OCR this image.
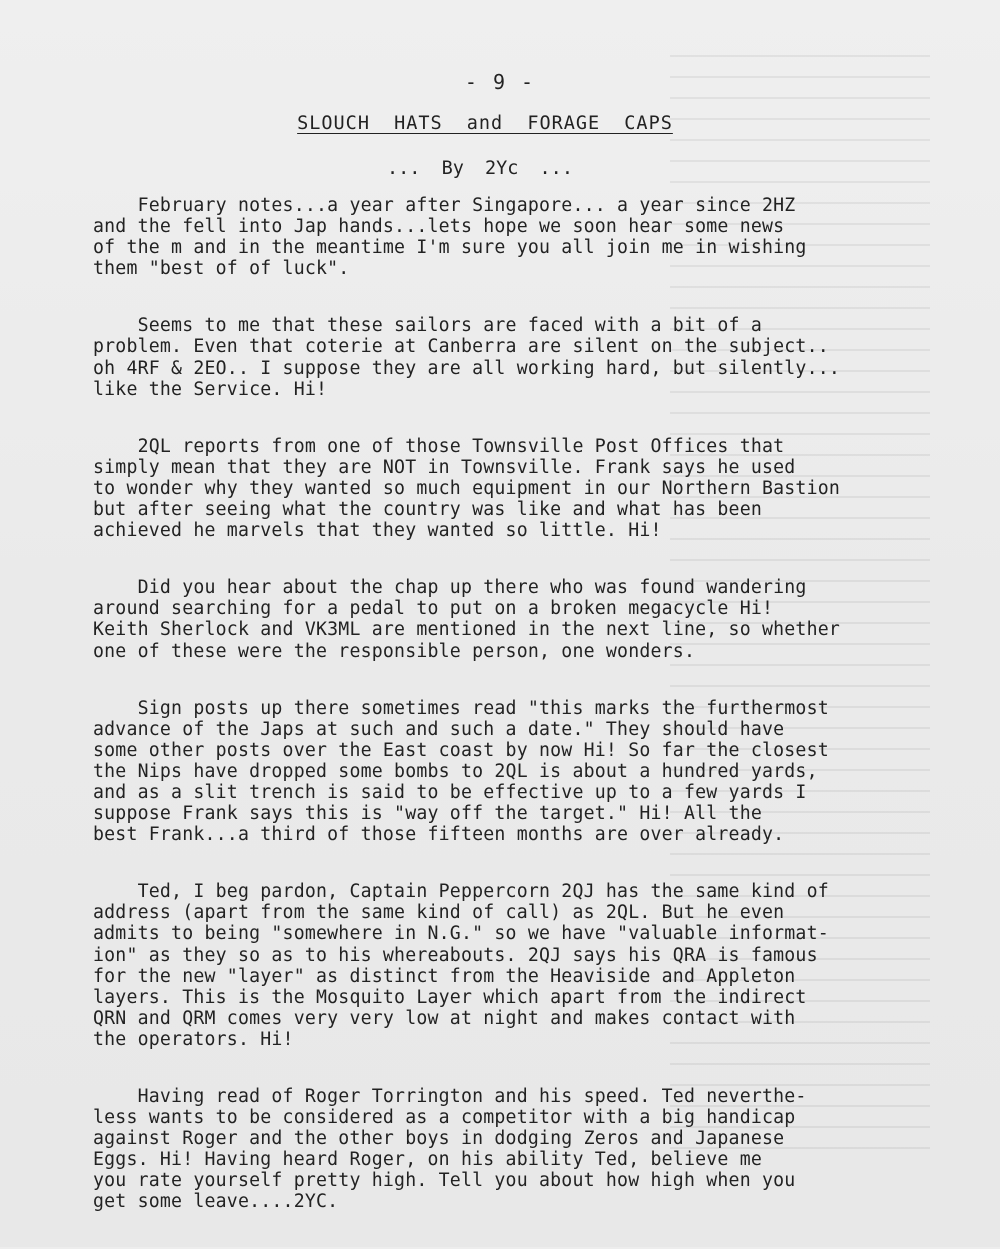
- 9 -
SLOUCH HATS and FORAGE CAPS
... By 2Yc ...

February notes...a year after Singapore... a year since 2HZ
and the fell into Jap hands...lets hope we soon hear some news
of the m and in the meantime I'm sure you all join me in wishing
them "best of of luck".

Seems to me that these sailors are faced with a bit of a
problem. Even that coterie at Canberra are silent on the subject..
oh 4RF & 2EO.. I suppose they are all working hard, but silently...
like the Service. Hi!

2QL reports from one of those Townsville Post Offices that
simply mean that they are NOT in Townsville. Frank says he used
to wonder why they wanted so much equipment in our Northern Bastion
but after seeing what the country was like and what has been
achieved he marvels that they wanted so little. Hi!

Did you hear about the chap up there who was found wandering
around searching for a pedal to put on a broken megacycle Hi!
Keith Sherlock and VK3ML are mentioned in the next line, so whether
one of these were the responsible person, one wonders.

Sign posts up there sometimes read "this marks the furthermost
advance of the Japs at such and such a date." They should have
some other posts over the East coast by now Hi! So far the closest
the Nips have dropped some bombs to 2QL is about a hundred yards,
and as a slit trench is said to be effective up to a few yards I
suppose Frank says this is "way off the target." Hi! All the
best Frank...a third of those fifteen months are over already.

Ted, I beg pardon, Captain Peppercorn 2QJ has the same kind of
address (apart from the same kind of call) as 2QL. But he even
admits to being "somewhere in N.G." so we have "valuable informat-
ion" as they so as to his whereabouts. 2QJ says his QRA is famous
for the new "layer" as distinct from the Heaviside and Appleton
layers. This is the Mosquito Layer which apart from the indirect
QRN and QRM comes very very low at night and makes contact with
the operators. Hi!

Having read of Roger Torrington and his speed. Ted neverthe-
less wants to be considered as a competitor with a big handicap
against Roger and the other boys in dodging Zeros and Japanese
Eggs. Hi! Having heard Roger, on his ability Ted, believe me
you rate yourself pretty high. Tell you about how high when you
get some leave....2YC.
